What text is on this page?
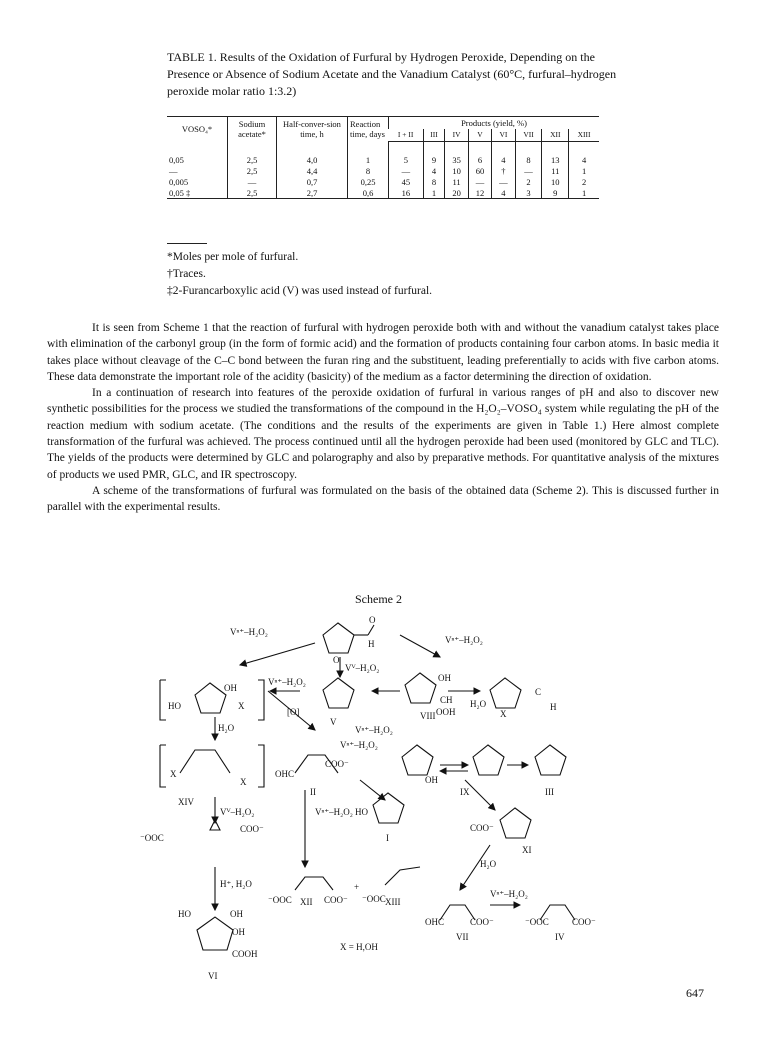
TABLE 1. Results of the Oxidation of Furfural by Hydrogen Peroxide, Depending on the Presence or Absence of Sodium Acetate and the Vanadium Catalyst (60°C, furfural–hydrogen peroxide molar ratio 1:3.2)
VOSO₄*	Sodium acetate*	Half-conver-sion time, h	Reaction time, days	Products (yield, %)							
				I + II	III	IV	V	VI	VII	XII	XIII

0,05	2,5	4,0	1	5	9	35	6	4	8	13	4
—	2,5	4,4	8	—	4	10	60	†	—	11	1
0,005	—	0,7	0,25	45	8	11	—	—	2	10	2
0,05 ‡	2,5	2,7	0,6	16	1	20	12	4	3	9	1
*Moles per mole of furfural.
†Traces.
‡2-Furancarboxylic acid (V) was used instead of furfural.

It is seen from Scheme 1 that the reaction of furfural with hydrogen peroxide both with and without the vanadium catalyst takes place with elimination of the carbonyl group (in the form of formic acid) and the formation of products containing four carbon atoms. In basic media it takes place without cleavage of the C–C bond between the furan ring and the substituent, leading preferentially to acids with five carbon atoms. These data demonstrate the important role of the acidity (basicity) of the medium as a factor determining the direction of oxidation.

In a continuation of research into features of the peroxide oxidation of furfural in various ranges of pH and also to discover new synthetic possibilities for the process we studied the transformations of the compound in the H₂O₂–VOSO₄ system while regulating the pH of the reaction medium with sodium acetate. (The conditions and the results of the experiments are given in Table 1.) Here almost complete transformation of the furfural was achieved. The process continued until all the hydrogen peroxide had been used (monitored by GLC and TLC). The yields of the products were determined by GLC and polarography and also by preparative methods. For quantitative analysis of the mixtures of products we used PMR, GLC, and IR spectroscopy.

A scheme of the transformations of furfural was formulated on the basis of the obtained data (Scheme 2). This is discussed further in parallel with the experimental results.

Scheme 2
Vⁿ⁺–H₂O₂
Vⁿ⁺–H₂O₂
Vⱽ–H₂O₂
Vⁿ⁺–H₂O₂
[O]
V
VIII
Vⁿ⁺–H₂O₂
Vⁿ⁺–H₂O₂
H₂O
XIV
II	IX	III
Vⱽ–H₂O₂	Vⁿ⁺–H₂O₂
I
XI
H₂O
H⁺, H₂O
XII	XIII
Vⁿ⁺–H₂O₂
VII	IV
X = H,OH
VI
O
H
O
OH
HO	X
OH
CH
OOH
H₂O
X
C
H
X
X
OHC
COO⁻
OH
HO
COO⁻
⁻OOC
COO⁻
⁻OOC	COO⁻
+
⁻OOC
OHC	COO⁻	⁻OOC	COO⁻
HO	OH
OH
COOH
647
